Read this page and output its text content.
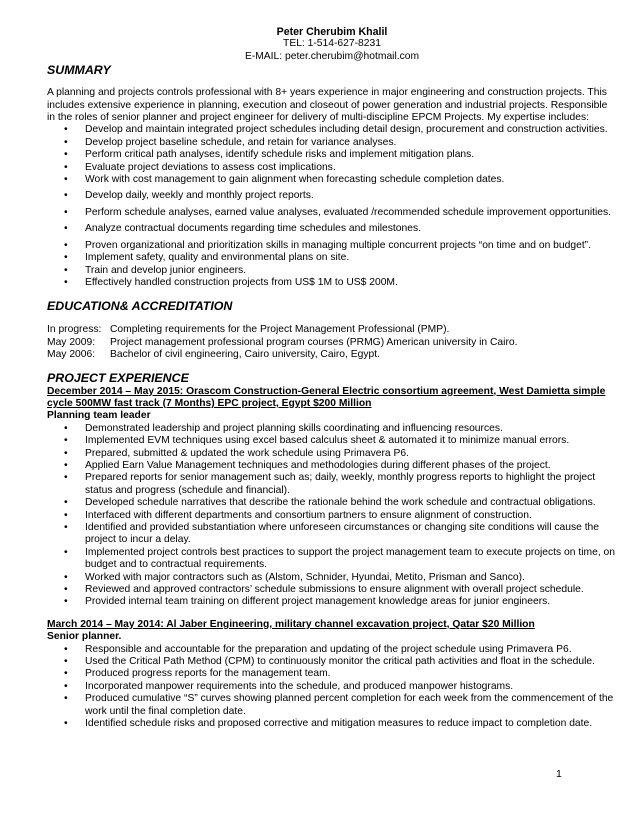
Peter Cherubim Khalil
TEL: 1-514-627-8231
E-MAIL: peter.cherubim@hotmail.com
SUMMARY
A planning and projects controls professional with 8+ years experience in major engineering and construction projects. This includes extensive experience in planning, execution and closeout of power generation and industrial projects. Responsible in the roles of senior planner and project engineer for delivery of multi-discipline EPCM Projects. My expertise includes:
• Develop and maintain integrated project schedules including detail design, procurement and construction activities.
• Develop project baseline schedule, and retain for variance analyses.
• Perform critical path analyses, identify schedule risks and implement mitigation plans.
• Evaluate project deviations to assess cost implications.
• Work with cost management to gain alignment when forecasting schedule completion dates.
• Develop daily, weekly and monthly project reports.
• Perform schedule analyses, earned value analyses, evaluated /recommended schedule improvement opportunities.
• Analyze contractual documents regarding time schedules and milestones.
• Proven organizational and prioritization skills in managing multiple concurrent projects “on time and on budget”.
• Implement safety, quality and environmental plans on site.
• Train and develop junior engineers.
• Effectively handled construction projects from US$ 1M to US$ 200M.
EDUCATION& ACCREDITATION
In progress: Completing requirements for the Project Management Professional (PMP).
May 2009:	Project management professional program courses (PRMG) American university in Cairo.
May 2006:	Bachelor of civil engineering, Cairo university, Cairo, Egypt.
PROJECT EXPERIENCE
December 2014 – May 2015: Orascom Construction-General Electric consortium agreement, West Damietta simple cycle 500MW fast track (7 Months) EPC project, Egypt $200 Million
Planning team leader
• Demonstrated leadership and project planning skills coordinating and influencing resources.
• Implemented EVM techniques using excel based calculus sheet & automated it to minimize manual errors.
• Prepared, submitted & updated the work schedule using Primavera P6.
• Applied Earn Value Management techniques and methodologies during different phases of the project.
• Prepared reports for senior management such as; daily, weekly, monthly progress reports to highlight the project status and progress (schedule and financial).
• Developed schedule narratives that describe the rationale behind the work schedule and contractual obligations.
• Interfaced with different departments and consortium partners to ensure alignment of construction.
• Identified and provided substantiation where unforeseen circumstances or changing site conditions will cause the project to incur a delay.
• Implemented project controls best practices to support the project management team to execute projects on time, on budget and to contractual requirements.
• Worked with major contractors such as (Alstom, Schnider, Hyundai, Metito, Prisman and Sanco).
• Reviewed and approved contractors’ schedule submissions to ensure alignment with overall project schedule.
• Provided internal team training on different project management knowledge areas for junior engineers.
March 2014 – May 2014: Al Jaber Engineering, military channel excavation project, Qatar $20 Million
Senior planner.
• Responsible and accountable for the preparation and updating of the project schedule using Primavera P6.
• Used the Critical Path Method (CPM) to continuously monitor the critical path activities and float in the schedule.
• Produced progress reports for the management team.
• Incorporated manpower requirements into the schedule, and produced manpower histograms.
• Produced cumulative “S” curves showing planned percent completion for each week from the commencement of the work until the final completion date.
• Identified schedule risks and proposed corrective and mitigation measures to reduce impact to completion date.
1
